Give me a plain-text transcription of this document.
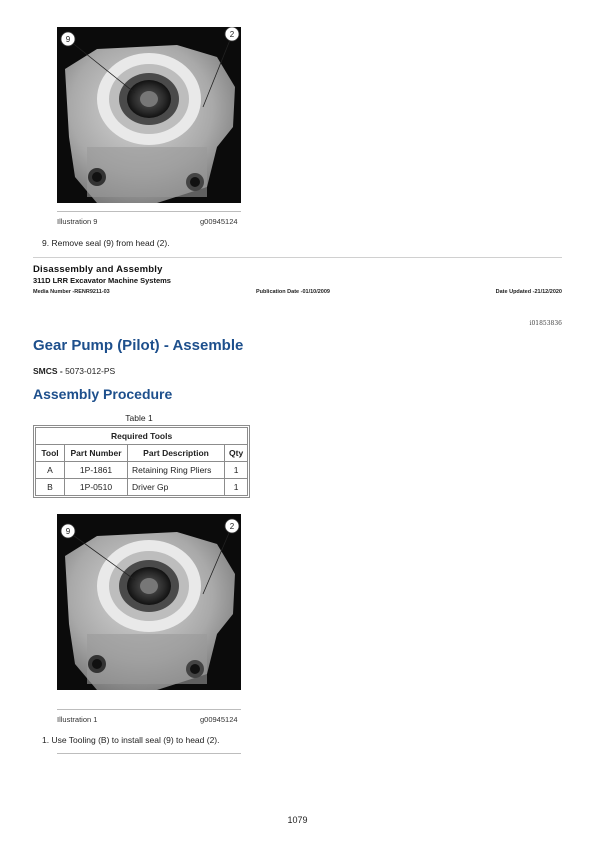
9
2
Illustration 9	g00945124
9. Remove seal (9) from head (2).
Disassembly and Assembly
311D LRR Excavator Machine Systems
Media Number -RENR9211-03	Publication Date -01/10/2009	Date Updated -21/12/2020
i01853836
Gear Pump (Pilot) - Assemble
SMCS - 5073-012-PS
Assembly Procedure
Table 1
Required Tools			
Tool	Part Number	Part Description	Qty
A	1P-1861	Retaining Ring Pliers	1
B	1P-0510	Driver Gp	1
9
2
Illustration 1	g00945124
1. Use Tooling (B) to install seal (9) to head (2).
1079
